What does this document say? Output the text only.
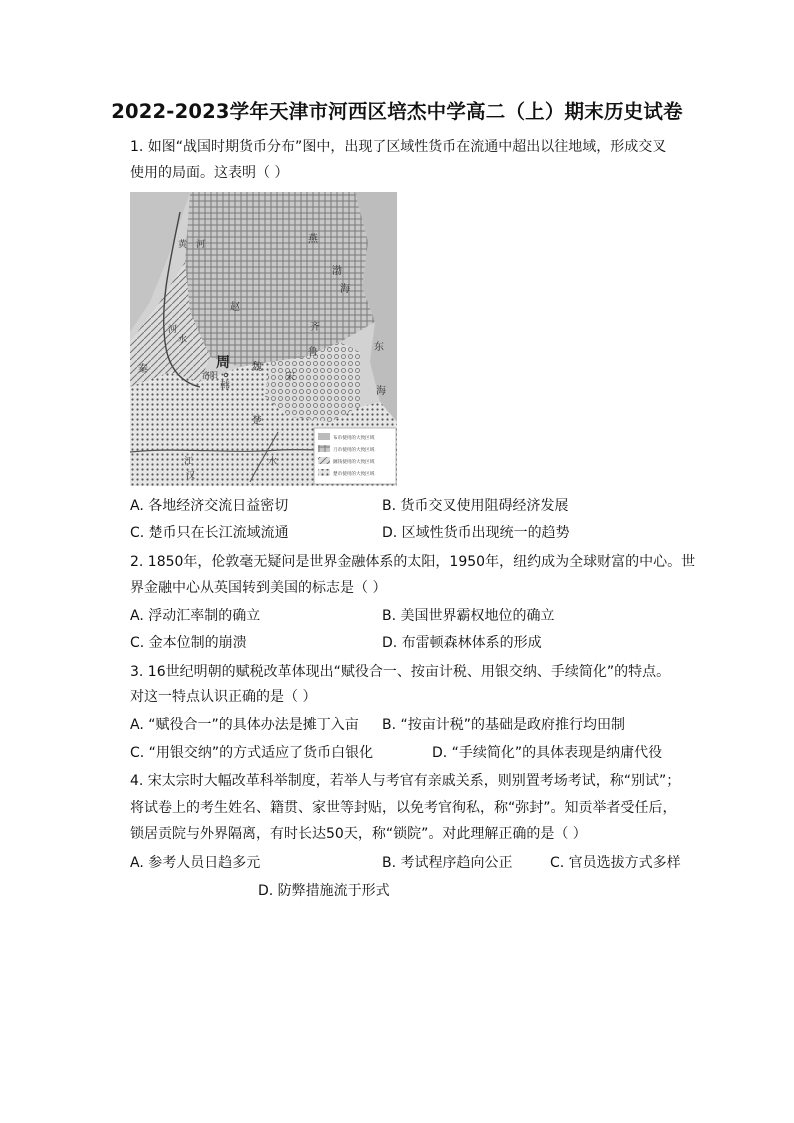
2022-2023学年天津市河西区培杰中学高二（上）期末历史试卷
1. 如图“战国时期货币分布”图中，出现了区域性货币在流通中超出以往地域，形成交叉
使用的局面。这表明（ ）
燕
赵
齐
鲁
魏
周
韩
宋
秦
楚
黄 河
河
水
渤
海
东
海
江
汉
水
洛阳
布币使用的大致区域
刀币使用的大致区域
圜钱使用的大致区域
楚币使用的大致区域
A. 各地经济交流日益密切	B. 货币交叉使用阻碍经济发展
C. 楚币只在长江流域流通	D. 区域性货币出现统一的趋势
2. 1850年，伦敦毫无疑问是世界金融体系的太阳，1950年，纽约成为全球财富的中心。世
界金融中心从英国转到美国的标志是（ ）
A. 浮动汇率制的确立	B. 美国世界霸权地位的确立
C. 金本位制的崩溃	D. 布雷顿森林体系的形成
3. 16世纪明朝的赋税改革体现出“赋役合一、按亩计税、用银交纳、手续简化”的特点。
对这一特点认识正确的是（ ）
A. “赋役合一”的具体办法是摊丁入亩 B. “按亩计税”的基础是政府推行均田制
C. “用银交纳”的方式适应了货币白银化	D. “手续简化”的具体表现是纳庸代役
4. 宋太宗时大幅改革科举制度，若举人与考官有亲戚关系，则别置考场考试，称“别试”；
将试卷上的考生姓名、籍贯、家世等封贴，以免考官徇私，称“弥封”。知贡举者受任后，
锁居贡院与外界隔离，有时长达50天，称“锁院”。对此理解正确的是（ ）
A. 参考人员日趋多元	B. 考试程序趋向公正	C. 官员选拔方式多样
D. 防弊措施流于形式
